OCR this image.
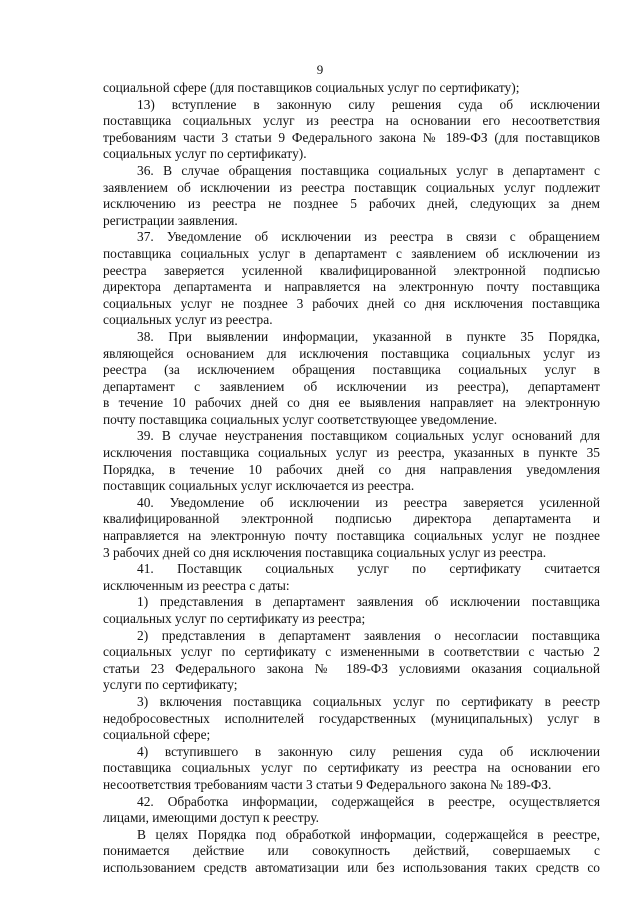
9

социальной сфере (для поставщиков социальных услуг по сертификату);

13) вступление в законную силу решения суда об исключении

поставщика социальных услуг из реестра на основании его несоответствия

требованиям части 3 статьи 9 Федерального закона № 189-ФЗ (для поставщиков

социальных услуг по сертификату).

36. В случае обращения поставщика социальных услуг в департамент с

заявлением об исключении из реестра поставщик социальных услуг подлежит

исключению из реестра не позднее 5 рабочих дней, следующих за днем

регистрации заявления.

37. Уведомление об исключении из реестра в связи с обращением

поставщика социальных услуг в департамент с заявлением об исключении из

реестра заверяется усиленной квалифицированной электронной подписью

директора департамента и направляется на электронную почту поставщика

социальных услуг не позднее 3 рабочих дней со дня исключения поставщика

социальных услуг из реестра.

38. При выявлении информации, указанной в пункте 35 Порядка,

являющейся основанием для исключения поставщика социальных услуг из

реестра (за исключением обращения поставщика социальных услуг в

департамент с заявлением об исключении из реестра), департамент

в течение 10 рабочих дней со дня ее выявления направляет на электронную

почту поставщика социальных услуг соответствующее уведомление.

39. В случае неустранения поставщиком социальных услуг оснований для

исключения поставщика социальных услуг из реестра, указанных в пункте 35

Порядка, в течение 10 рабочих дней со дня направления уведомления

поставщик социальных услуг исключается из реестра.

40. Уведомление об исключении из реестра заверяется усиленной

квалифицированной электронной подписью директора департамента и

направляется на электронную почту поставщика социальных услуг не позднее

3 рабочих дней со дня исключения поставщика социальных услуг из реестра.

41. Поставщик социальных услуг по сертификату считается

исключенным из реестра с даты:

1) представления в департамент заявления об исключении поставщика

социальных услуг по сертификату из реестра;

2) представления в департамент заявления о несогласии поставщика

социальных услуг по сертификату с измененными в соответствии с частью 2

статьи 23 Федерального закона № 189-ФЗ условиями оказания социальной

услуги по сертификату;

3) включения поставщика социальных услуг по сертификату в реестр

недобросовестных исполнителей государственных (муниципальных) услуг в

социальной сфере;

4) вступившего в законную силу решения суда об исключении

поставщика социальных услуг по сертификату из реестра на основании его

несоответствия требованиям части 3 статьи 9 Федерального закона № 189-ФЗ.

42. Обработка информации, содержащейся в реестре, осуществляется

лицами, имеющими доступ к реестру.

В целях Порядка под обработкой информации, содержащейся в реестре,

понимается действие или совокупность действий, совершаемых с

использованием средств автоматизации или без использования таких средств со
